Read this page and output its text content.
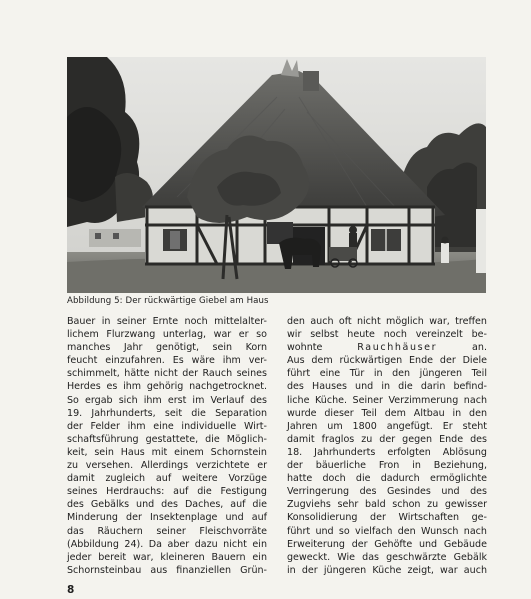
Abbildung 5: Der rückwärtige Giebel am Haus
Bauer in seiner Ernte noch mittelalter-
lichem Flurzwang unterlag, war er so
manches Jahr genötigt, sein Korn
feucht einzufahren. Es wäre ihm ver-
schimmelt, hätte nicht der Rauch seines
Herdes es ihm gehörig nachgetrocknet.
So ergab sich ihm erst im Verlauf des
19. Jahrhunderts, seit die Separation
der Felder ihm eine individuelle Wirt-
schaftsführung gestattete, die Möglich-
keit, sein Haus mit einem Schornstein
zu versehen. Allerdings verzichtete er
damit zugleich auf weitere Vorzüge
seines Herdrauchs: auf die Festigung
des Gebälks und des Daches, auf die
Minderung der Insektenplage und auf
das Räuchern seiner Fleischvorräte
(Abbildung 24). Da aber dazu nicht ein
jeder bereit war, kleineren Bauern ein
Schornsteinbau aus finanziellen Grün-
den auch oft nicht möglich war, treffen
wir selbst heute noch vereinzelt be-
wohnte	Rauchhäuser	an.
Aus dem rückwärtigen Ende der Diele
führt eine Tür in den jüngeren Teil
des Hauses und in die darin befind-
liche Küche. Seiner Verzimmerung nach
wurde dieser Teil dem Altbau in den
Jahren um 1800 angefügt. Er steht
damit fraglos zu der gegen Ende des
18. Jahrhunderts erfolgten Ablösung
der bäuerliche Fron in Beziehung,
hatte doch die dadurch ermöglichte
Verringerung des Gesindes und des
Zugviehs sehr bald schon zu gewisser
Konsolidierung der Wirtschaften ge-
führt und so vielfach den Wunsch nach
Erweiterung der Gehöfte und Gebäude
geweckt. Wie das geschwärzte Gebälk
in der jüngeren Küche zeigt, war auch
8
